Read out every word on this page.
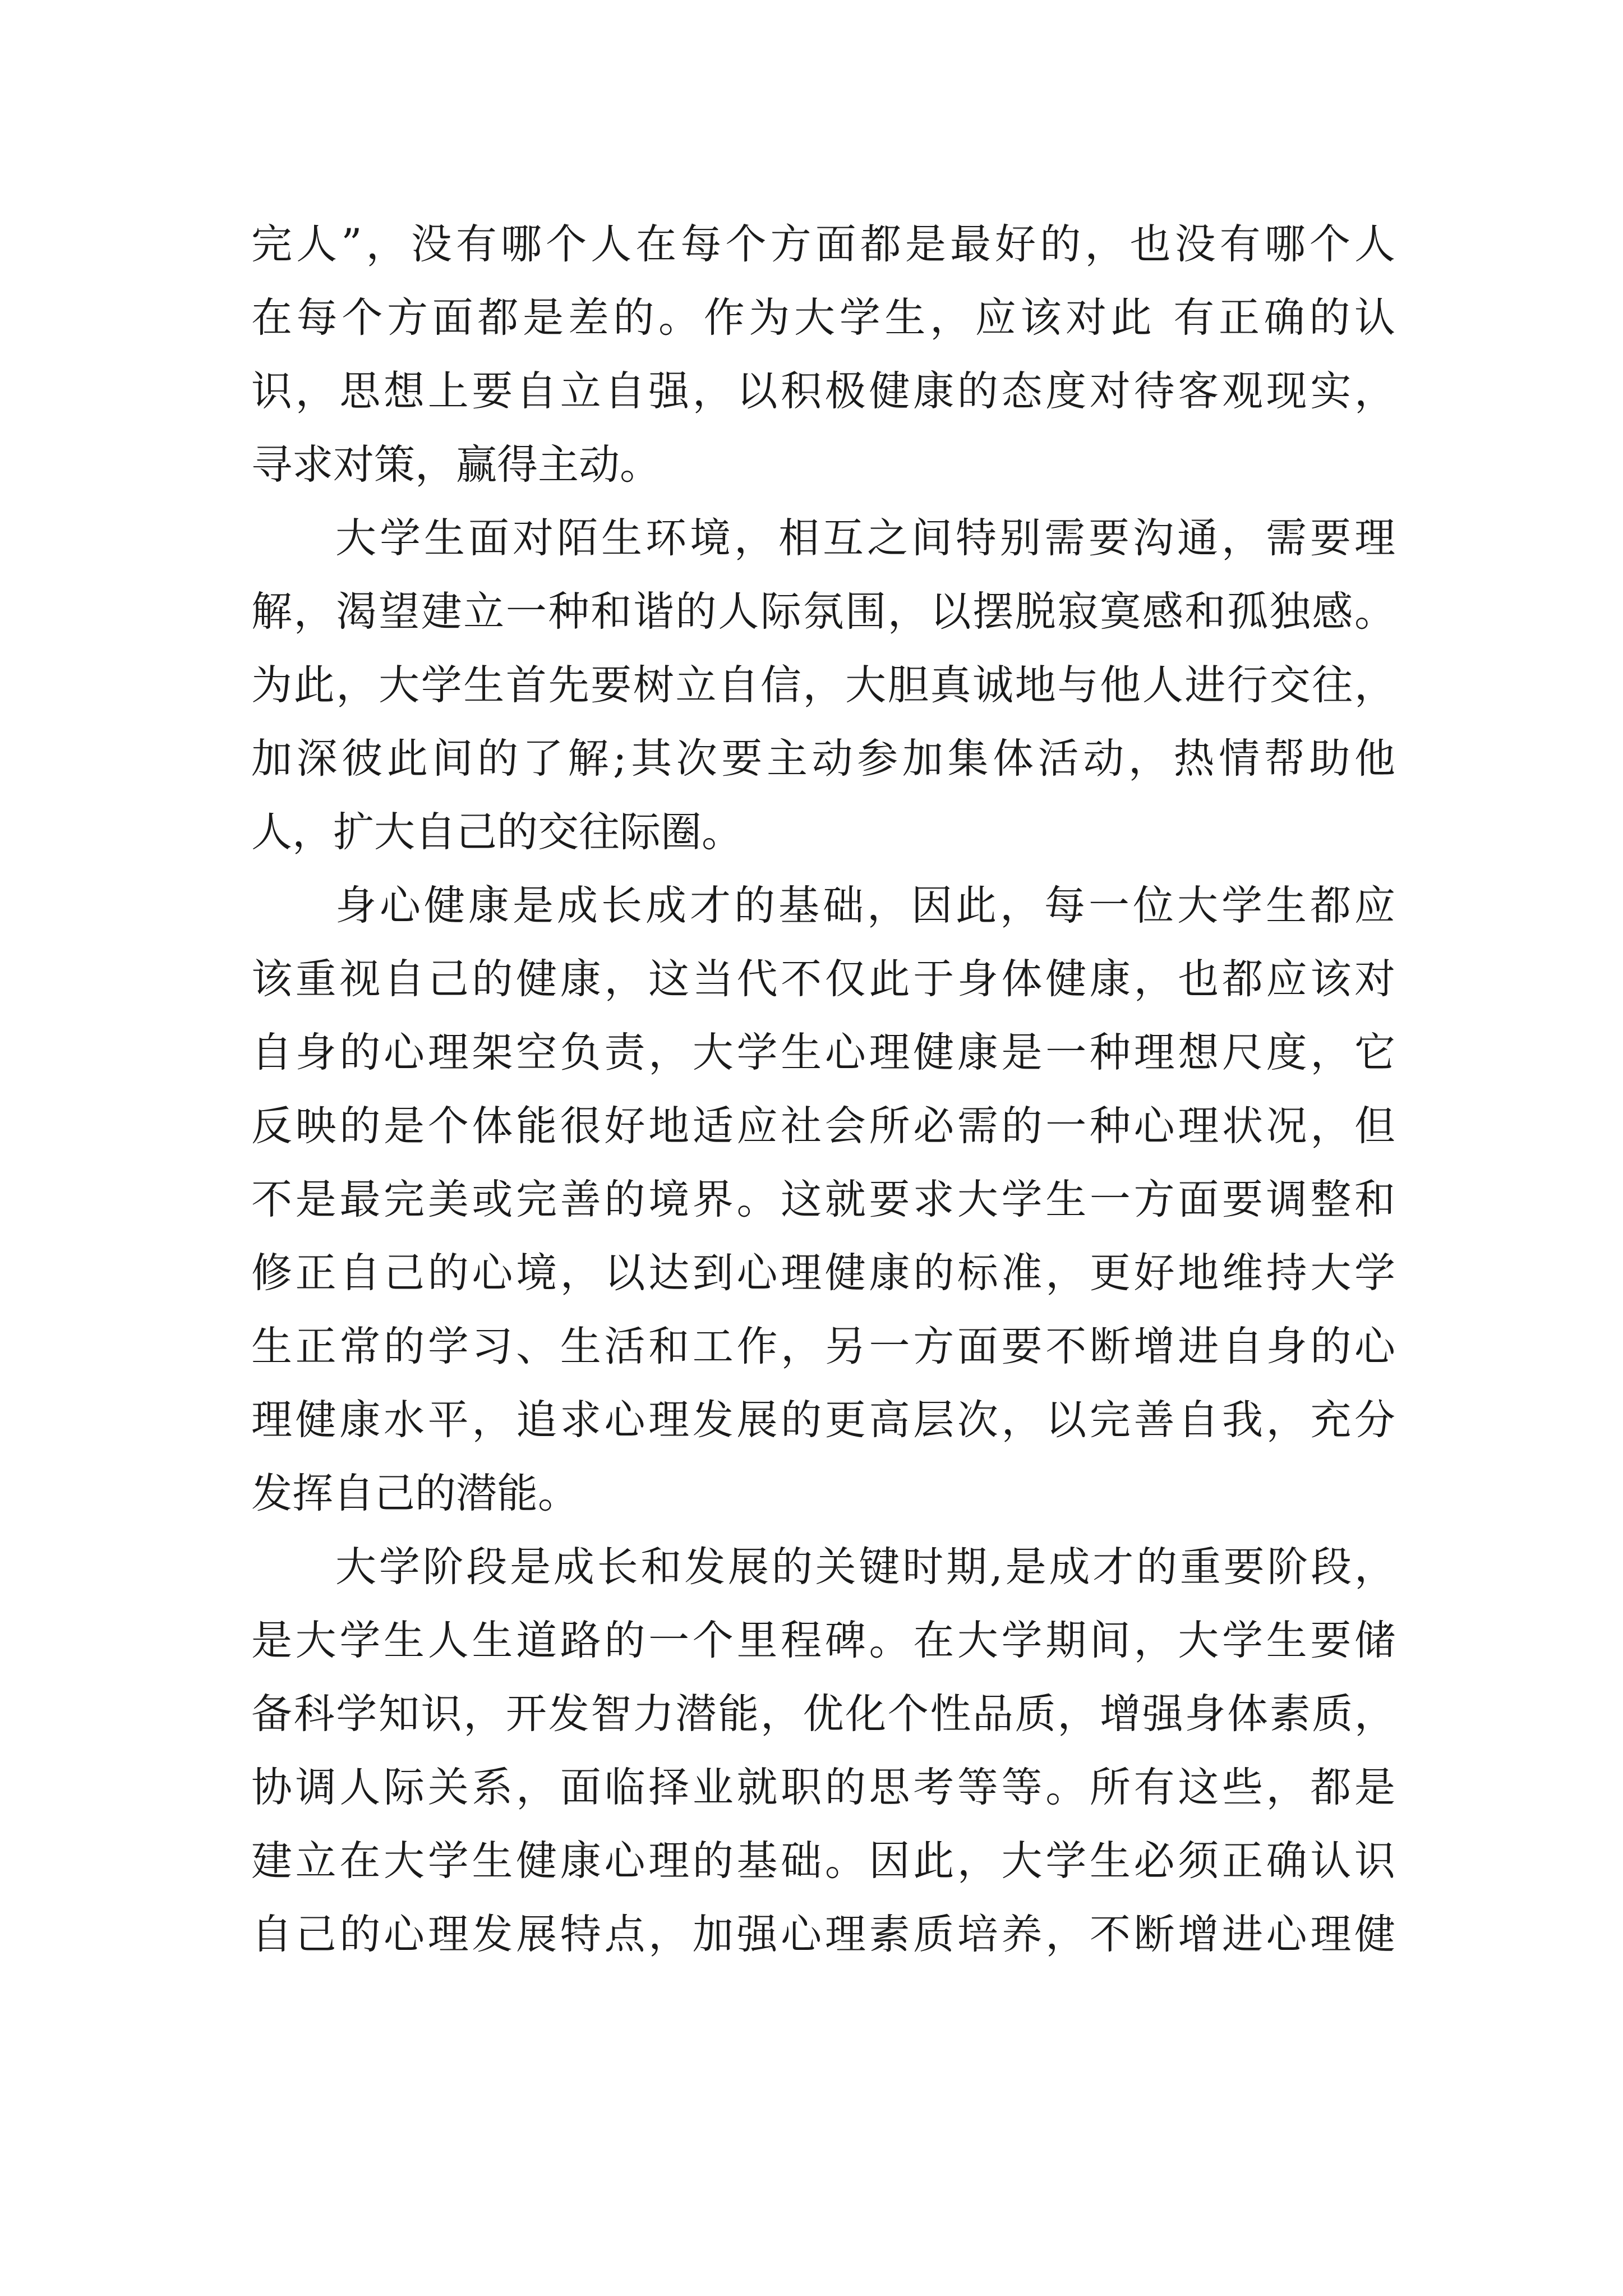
完人”，没有哪个人在每个方面都是最好的，也没有哪个人
在每个方面都是差的。作为大学生，应该对此 有正确的认
识，思想上要自立自强，以积极健康的态度对待客观现实，
寻求对策，赢得主动。
大学生面对陌生环境，相互之间特别需要沟通，需要理
解，渴望建立一种和谐的人际氛围，以摆脱寂寞感和孤独感。
为此，大学生首先要树立自信，大胆真诚地与他人进行交往，
加深彼此间的了解;其次要主动参加集体活动，热情帮助他
人，扩大自己的交往际圈。
身心健康是成长成才的基础，因此，每一位大学生都应
该重视自己的健康，这当代不仅此于身体健康，也都应该对
自身的心理架空负责，大学生心理健康是一种理想尺度，它
反映的是个体能很好地适应社会所必需的一种心理状况，但
不是最完美或完善的境界。这就要求大学生一方面要调整和
修正自己的心境，以达到心理健康的标准，更好地维持大学
生正常的学习、生活和工作，另一方面要不断增进自身的心
理健康水平，追求心理发展的更高层次，以完善自我，充分
发挥自己的潜能。
大学阶段是成长和发展的关键时期,是成才的重要阶段，
是大学生人生道路的一个里程碑。在大学期间，大学生要储
备科学知识，开发智力潜能，优化个性品质，增强身体素质，
协调人际关系，面临择业就职的思考等等。所有这些，都是
建立在大学生健康心理的基础。因此，大学生必须正确认识
自己的心理发展特点，加强心理素质培养，不断增进心理健
